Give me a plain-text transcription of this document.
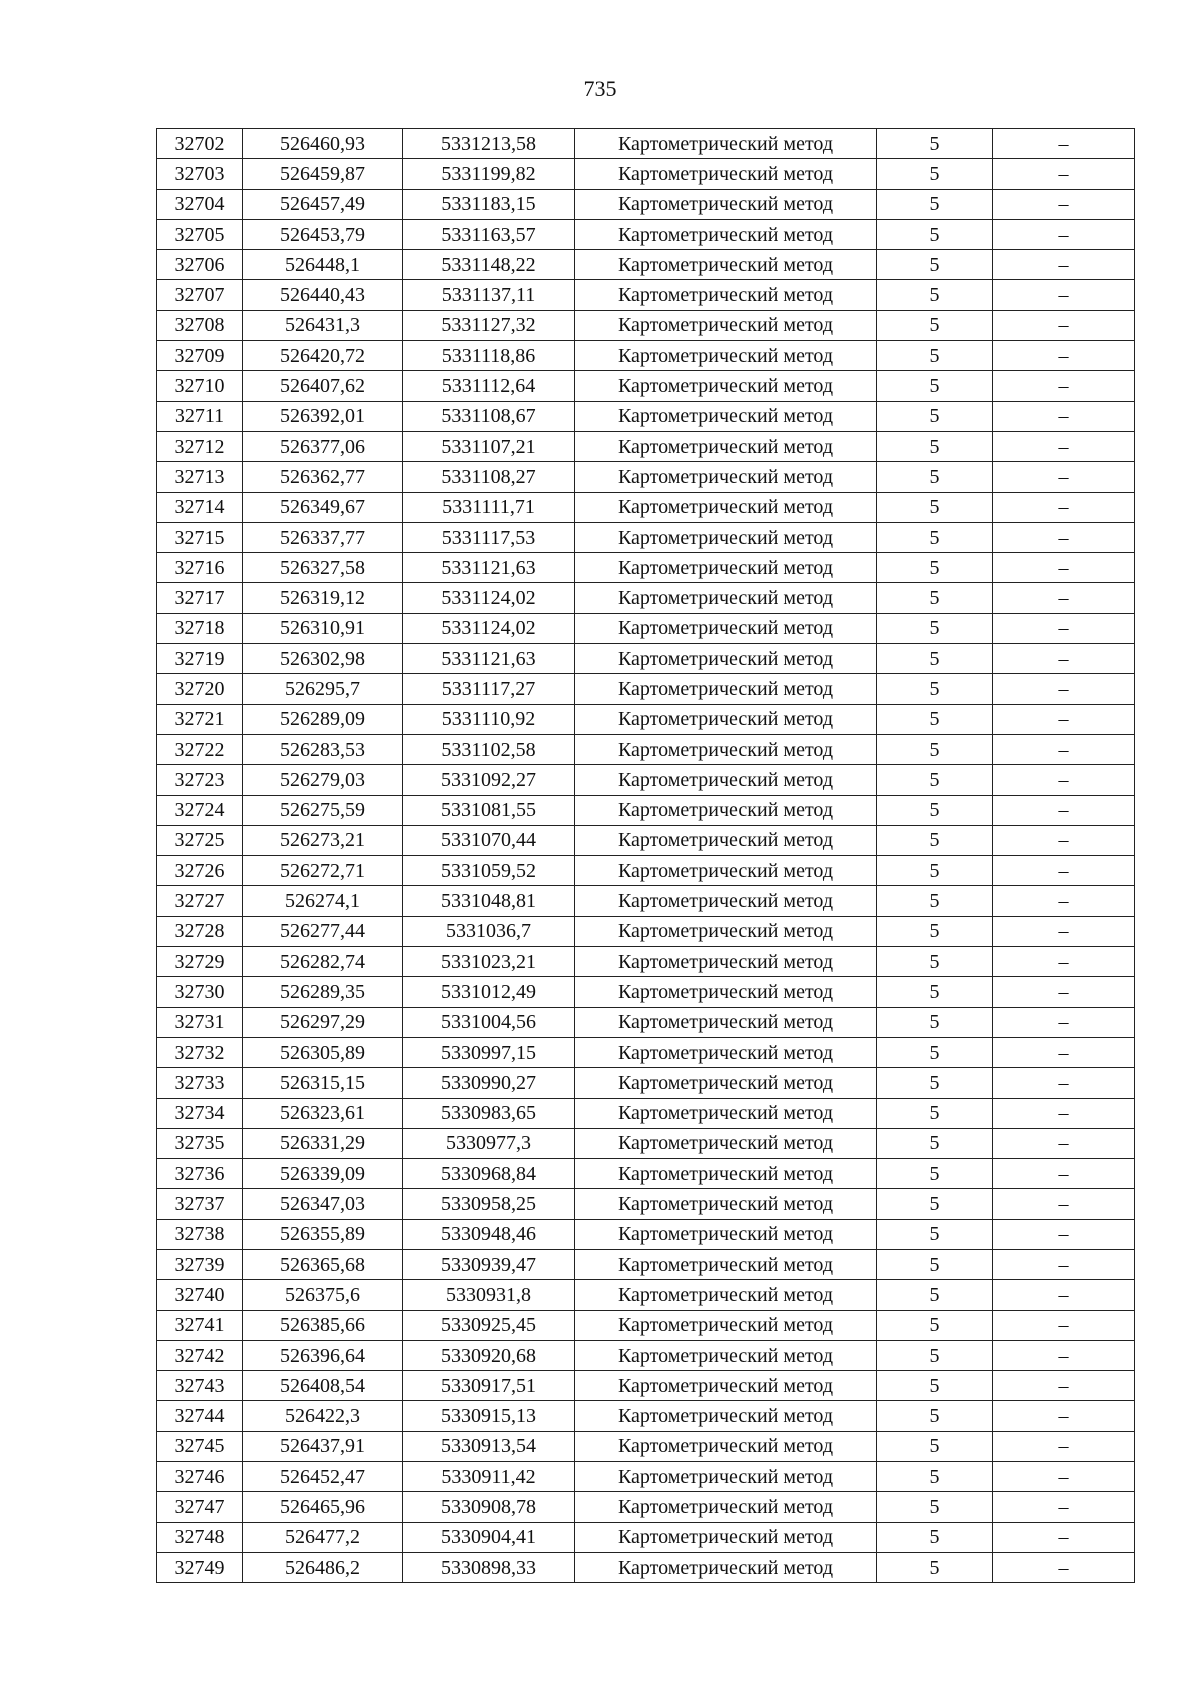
735
32702	526460,93	5331213,58	Картометрический метод	5	–
32703	526459,87	5331199,82	Картометрический метод	5	–
32704	526457,49	5331183,15	Картометрический метод	5	–
32705	526453,79	5331163,57	Картометрический метод	5	–
32706	526448,1	5331148,22	Картометрический метод	5	–
32707	526440,43	5331137,11	Картометрический метод	5	–
32708	526431,3	5331127,32	Картометрический метод	5	–
32709	526420,72	5331118,86	Картометрический метод	5	–
32710	526407,62	5331112,64	Картометрический метод	5	–
32711	526392,01	5331108,67	Картометрический метод	5	–
32712	526377,06	5331107,21	Картометрический метод	5	–
32713	526362,77	5331108,27	Картометрический метод	5	–
32714	526349,67	5331111,71	Картометрический метод	5	–
32715	526337,77	5331117,53	Картометрический метод	5	–
32716	526327,58	5331121,63	Картометрический метод	5	–
32717	526319,12	5331124,02	Картометрический метод	5	–
32718	526310,91	5331124,02	Картометрический метод	5	–
32719	526302,98	5331121,63	Картометрический метод	5	–
32720	526295,7	5331117,27	Картометрический метод	5	–
32721	526289,09	5331110,92	Картометрический метод	5	–
32722	526283,53	5331102,58	Картометрический метод	5	–
32723	526279,03	5331092,27	Картометрический метод	5	–
32724	526275,59	5331081,55	Картометрический метод	5	–
32725	526273,21	5331070,44	Картометрический метод	5	–
32726	526272,71	5331059,52	Картометрический метод	5	–
32727	526274,1	5331048,81	Картометрический метод	5	–
32728	526277,44	5331036,7	Картометрический метод	5	–
32729	526282,74	5331023,21	Картометрический метод	5	–
32730	526289,35	5331012,49	Картометрический метод	5	–
32731	526297,29	5331004,56	Картометрический метод	5	–
32732	526305,89	5330997,15	Картометрический метод	5	–
32733	526315,15	5330990,27	Картометрический метод	5	–
32734	526323,61	5330983,65	Картометрический метод	5	–
32735	526331,29	5330977,3	Картометрический метод	5	–
32736	526339,09	5330968,84	Картометрический метод	5	–
32737	526347,03	5330958,25	Картометрический метод	5	–
32738	526355,89	5330948,46	Картометрический метод	5	–
32739	526365,68	5330939,47	Картометрический метод	5	–
32740	526375,6	5330931,8	Картометрический метод	5	–
32741	526385,66	5330925,45	Картометрический метод	5	–
32742	526396,64	5330920,68	Картометрический метод	5	–
32743	526408,54	5330917,51	Картометрический метод	5	–
32744	526422,3	5330915,13	Картометрический метод	5	–
32745	526437,91	5330913,54	Картометрический метод	5	–
32746	526452,47	5330911,42	Картометрический метод	5	–
32747	526465,96	5330908,78	Картометрический метод	5	–
32748	526477,2	5330904,41	Картометрический метод	5	–
32749	526486,2	5330898,33	Картометрический метод	5	–
